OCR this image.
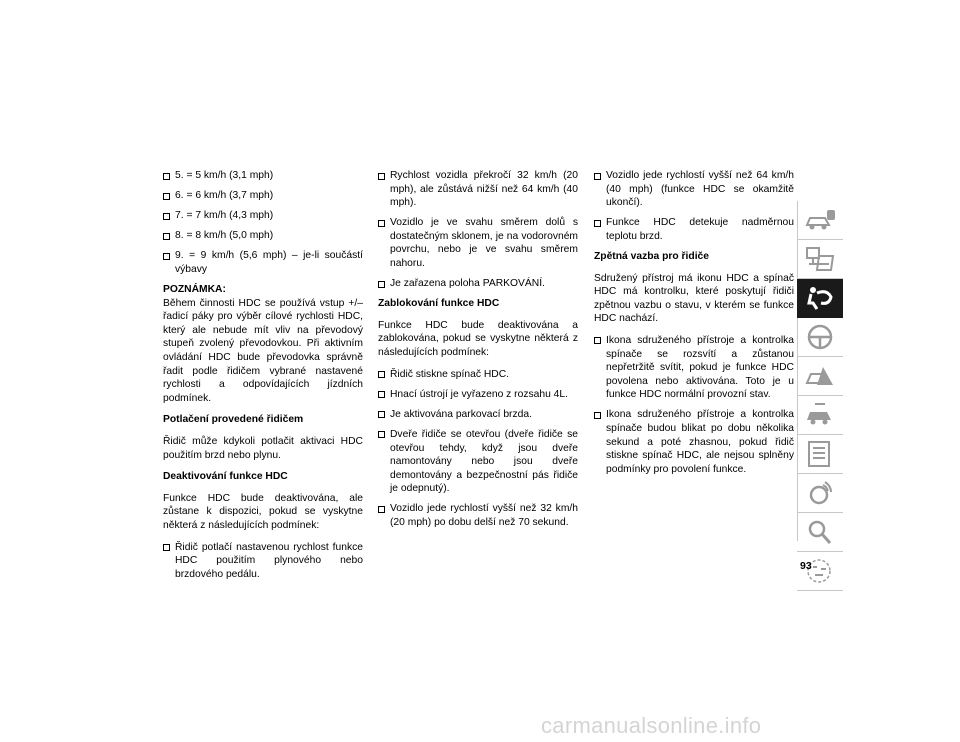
5. = 5 km/h (3,1 mph)
6. = 6 km/h (3,7 mph)
7. = 7 km/h (4,3 mph)
8. = 8 km/h (5,0 mph)
9. = 9 km/h (5,6 mph) – je-li součástí výbavy

POZNÁMKA:

Během činnosti HDC se používá vstup +/– řadicí páky pro výběr cílové rychlosti HDC, který ale nebude mít vliv na převodový stupeň zvolený převodovkou. Při aktivním ovládání HDC bude převodovka správně řadit podle řidičem vybrané nastavené rychlosti a odpovídajících jízdních podmínek.

Potlačení provedené řidičem

Řidič může kdykoli potlačit aktivaci HDC použitím brzd nebo plynu.

Deaktivování funkce HDC

Funkce HDC bude deaktivována, ale zůstane k dispozici, pokud se vyskytne některá z následujících podmínek:

Řidič potlačí nastavenou rychlost funkce HDC použitím plynového nebo brzdového pedálu.
Rychlost vozidla překročí 32 km/h (20 mph), ale zůstává nižší než 64 km/h (40 mph).
Vozidlo je ve svahu směrem dolů s dostatečným sklonem, je na vodorovném povrchu, nebo je ve svahu směrem nahoru.
Je zařazena poloha PARKOVÁNÍ.

Zablokování funkce HDC

Funkce HDC bude deaktivována a zablokována, pokud se vyskytne některá z následujících podmínek:

Řidič stiskne spínač HDC.
Hnací ústrojí je vyřazeno z rozsahu 4L.
Je aktivována parkovací brzda.
Dveře řidiče se otevřou (dveře řidiče se otevřou tehdy, když jsou dveře namontovány nebo jsou dveře demontovány a bezpečnostní pás řidiče je odepnutý).
Vozidlo jede rychlostí vyšší než 32 km/h (20 mph) po dobu delší než 70 sekund.
Vozidlo jede rychlostí vyšší než 64 km/h (40 mph) (funkce HDC se okamžitě ukončí).
Funkce HDC detekuje nadměrnou teplotu brzd.

Zpětná vazba pro řidiče

Sdružený přístroj má ikonu HDC a spínač HDC má kontrolku, které poskytují řidiči zpětnou vazbu o stavu, v kterém se funkce HDC nachází.

Ikona sdruženého přístroje a kontrolka spínače se rozsvítí a zůstanou nepřetržitě svítit, pokud je funkce HDC povolena nebo aktivována. Toto je u funkce HDC normální provozní stav.
Ikona sdruženého přístroje a kontrolka spínače budou blikat po dobu několika sekund a poté zhasnou, pokud řidič stiskne spínač HDC, ale nejsou splněny podmínky pro povolení funkce.
93
carmanualsonline.info
